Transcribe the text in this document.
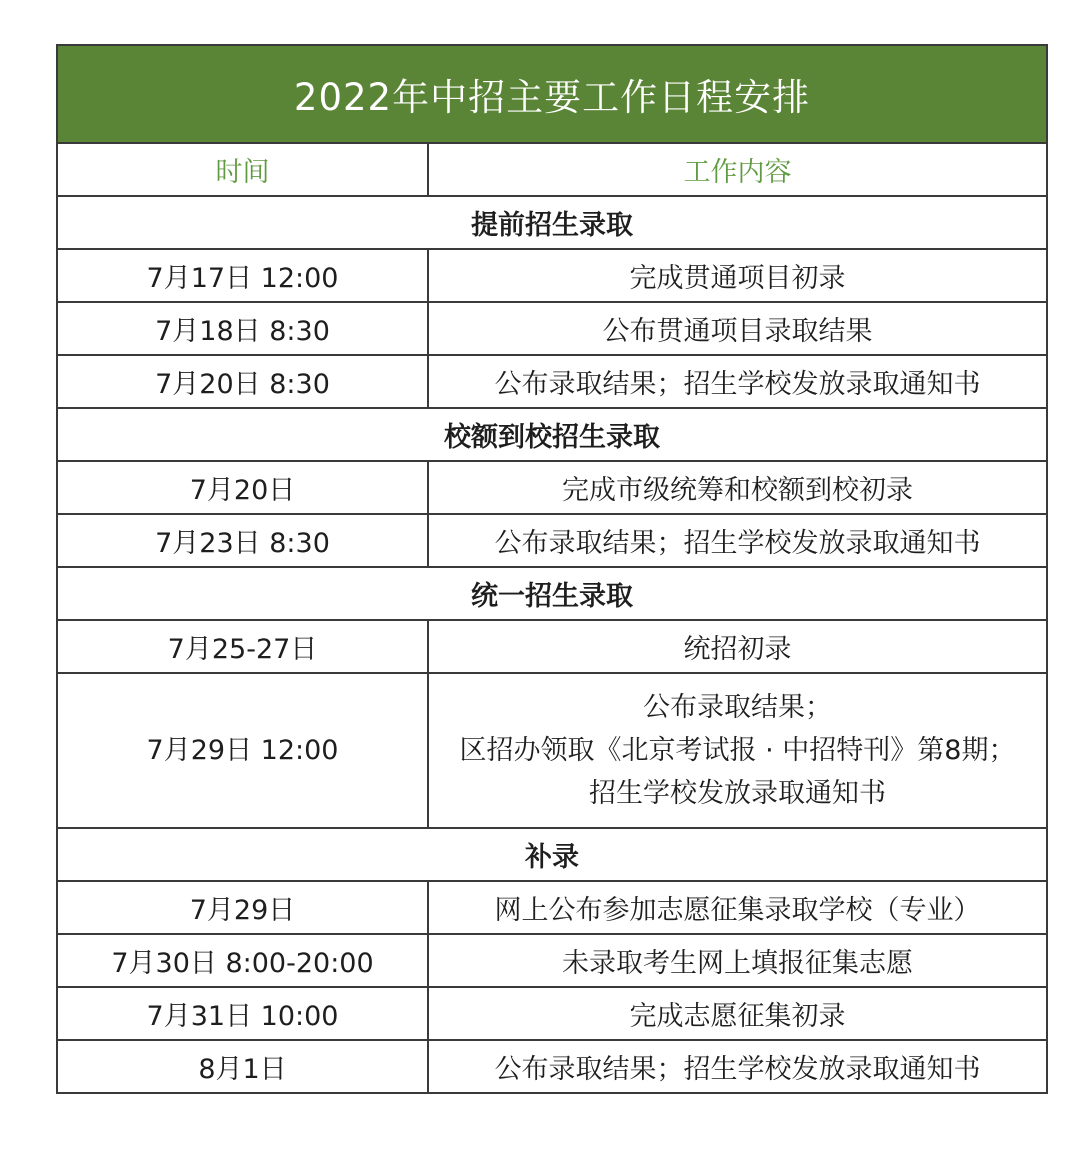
2022年中招主要工作日程安排	
时间	工作内容
提前招生录取	
7月17日 12:00	完成贯通项目初录
7月18日 8:30	公布贯通项目录取结果
7月20日 8:30	公布录取结果；招生学校发放录取通知书
校额到校招生录取	
7月20日	完成市级统筹和校额到校初录
7月23日 8:30	公布录取结果；招生学校发放录取通知书
统一招生录取	
7月25-27日	统招初录
7月29日 12:00	公布录取结果；
区招办领取《北京考试报 · 中招特刊》第8期；
招生学校发放录取通知书

补录	
7月29日	网上公布参加志愿征集录取学校（专业）
7月30日 8:00-20:00	未录取考生网上填报征集志愿
7月31日 10:00	完成志愿征集初录
8月1日	公布录取结果；招生学校发放录取通知书
